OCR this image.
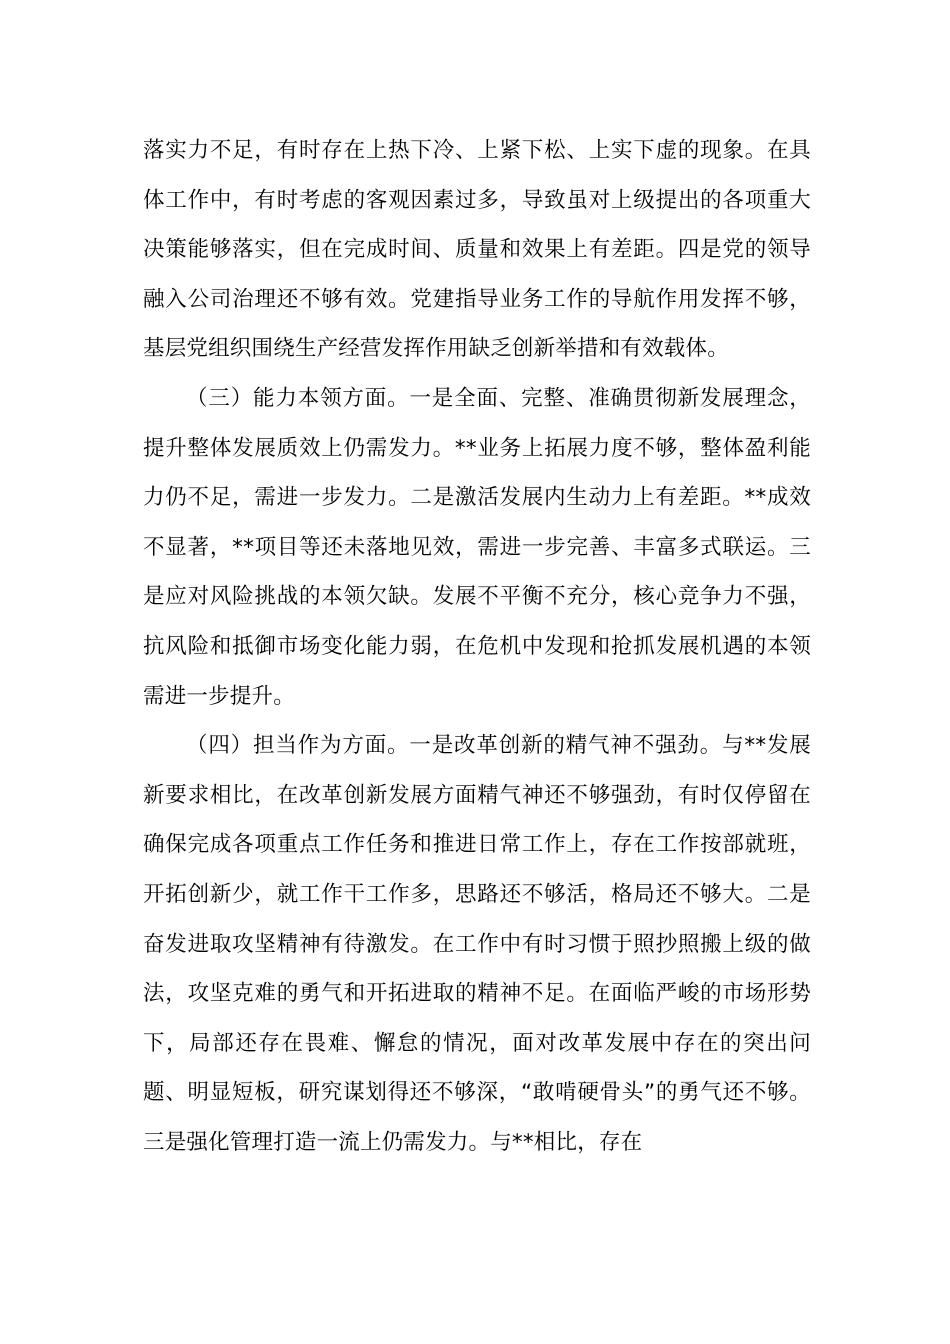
落实力不足，有时存在上热下冷、上紧下松、上实下虚的现象。在具体工作中，有时考虑的客观因素过多，导致虽对上级提出的各项重大决策能够落实，但在完成时间、质量和效果上有差距。四是党的领导融入公司治理还不够有效。党建指导业务工作的导航作用发挥不够，基层党组织围绕生产经营发挥作用缺乏创新举措和有效载体。

（三）能力本领方面。一是全面、完整、准确贯彻新发展理念，提升整体发展质效上仍需发力。**业务上拓展力度不够，整体盈利能力仍不足，需进一步发力。二是激活发展内生动力上有差距。**成效不显著，**项目等还未落地见效，需进一步完善、丰富多式联运。三是应对风险挑战的本领欠缺。发展不平衡不充分，核心竞争力不强，抗风险和抵御市场变化能力弱，在危机中发现和抢抓发展机遇的本领需进一步提升。

（四）担当作为方面。一是改革创新的精气神不强劲。与**发展新要求相比，在改革创新发展方面精气神还不够强劲，有时仅停留在确保完成各项重点工作任务和推进日常工作上，存在工作按部就班，开拓创新少，就工作干工作多，思路还不够活，格局还不够大。二是奋发进取攻坚精神有待激发。在工作中有时习惯于照抄照搬上级的做法，攻坚克难的勇气和开拓进取的精神不足。在面临严峻的市场形势下，局部还存在畏难、懈怠的情况，面对改革发展中存在的突出问题、明显短板，研究谋划得还不够深，“敢啃硬骨头”的勇气还不够。三是强化管理打造一流上仍需发力。与**相比，存在
